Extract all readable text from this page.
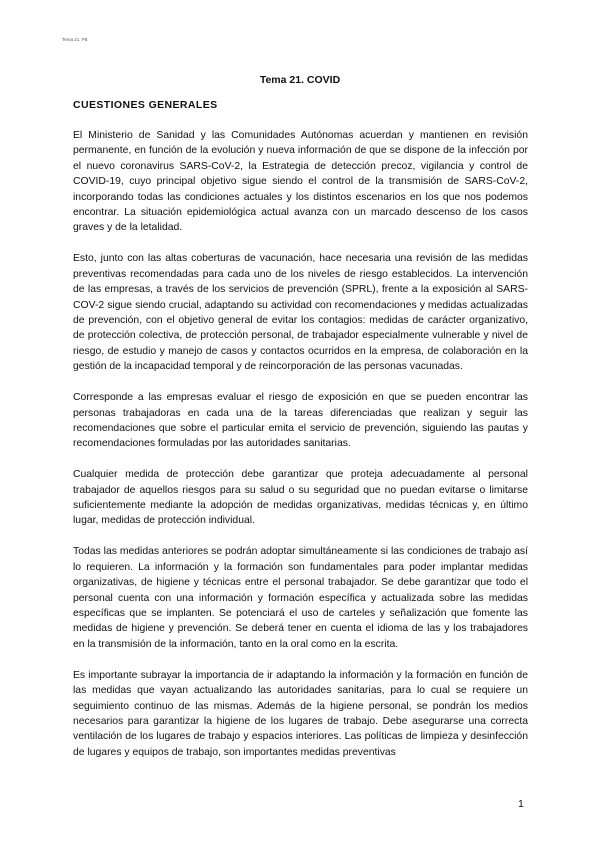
Tema 21. FB
Tema 21. COVID
CUESTIONES GENERALES

El Ministerio de Sanidad y las Comunidades Autónomas acuerdan y mantienen en revisión permanente, en función de la evolución y nueva información de que se dispone de la infección por el nuevo coronavirus SARS-CoV-2, la Estrategia de detección precoz, vigilancia y control de COVID-19, cuyo principal objetivo sigue siendo el control de la transmisión de SARS-CoV-2, incorporando todas las condiciones actuales y los distintos escenarios en los que nos podemos encontrar. La situación epidemiológica actual avanza con un marcado descenso de los casos graves y de la letalidad.

Esto, junto con las altas coberturas de vacunación, hace necesaria una revisión de las medidas preventivas recomendadas para cada uno de los niveles de riesgo establecidos. La intervención de las empresas, a través de los servicios de prevención (SPRL), frente a la exposición al SARS-COV-2 sigue siendo crucial, adaptando su actividad con recomendaciones y medidas actualizadas de prevención, con el objetivo general de evitar los contagios: medidas de carácter organizativo, de protección colectiva, de protección personal, de trabajador especialmente vulnerable y nivel de riesgo, de estudio y manejo de casos y contactos ocurridos en la empresa, de colaboración en la gestión de la incapacidad temporal y de reincorporación de las personas vacunadas.

Corresponde a las empresas evaluar el riesgo de exposición en que se pueden encontrar las personas trabajadoras en cada una de la tareas diferenciadas que realizan y seguir las recomendaciones que sobre el particular emita el servicio de prevención, siguiendo las pautas y recomendaciones formuladas por las autoridades sanitarias.

Cualquier medida de protección debe garantizar que proteja adecuadamente al personal trabajador de aquellos riesgos para su salud o su seguridad que no puedan evitarse o limitarse suficientemente mediante la adopción de medidas organizativas, medidas técnicas y, en último lugar, medidas de protección individual.

Todas las medidas anteriores se podrán adoptar simultáneamente si las condiciones de trabajo así lo requieren. La información y la formación son fundamentales para poder implantar medidas organizativas, de higiene y técnicas entre el personal trabajador. Se debe garantizar que todo el personal cuenta con una información y formación específica y actualizada sobre las medidas específicas que se implanten. Se potenciará el uso de carteles y señalización que fomente las medidas de higiene y prevención. Se deberá tener en cuenta el idioma de las y los trabajadores en la transmisión de la información, tanto en la oral como en la escrita.

Es importante subrayar la importancia de ir adaptando la información y la formación en función de las medidas que vayan actualizando las autoridades sanitarias, para lo cual se requiere un seguimiento continuo de las mismas. Además de la higiene personal, se pondrán los medios necesarios para garantizar la higiene de los lugares de trabajo. Debe asegurarse una correcta ventilación de los lugares de trabajo y espacios interiores. Las políticas de limpieza y desinfección de lugares y equipos de trabajo, son importantes medidas preventivas

1
